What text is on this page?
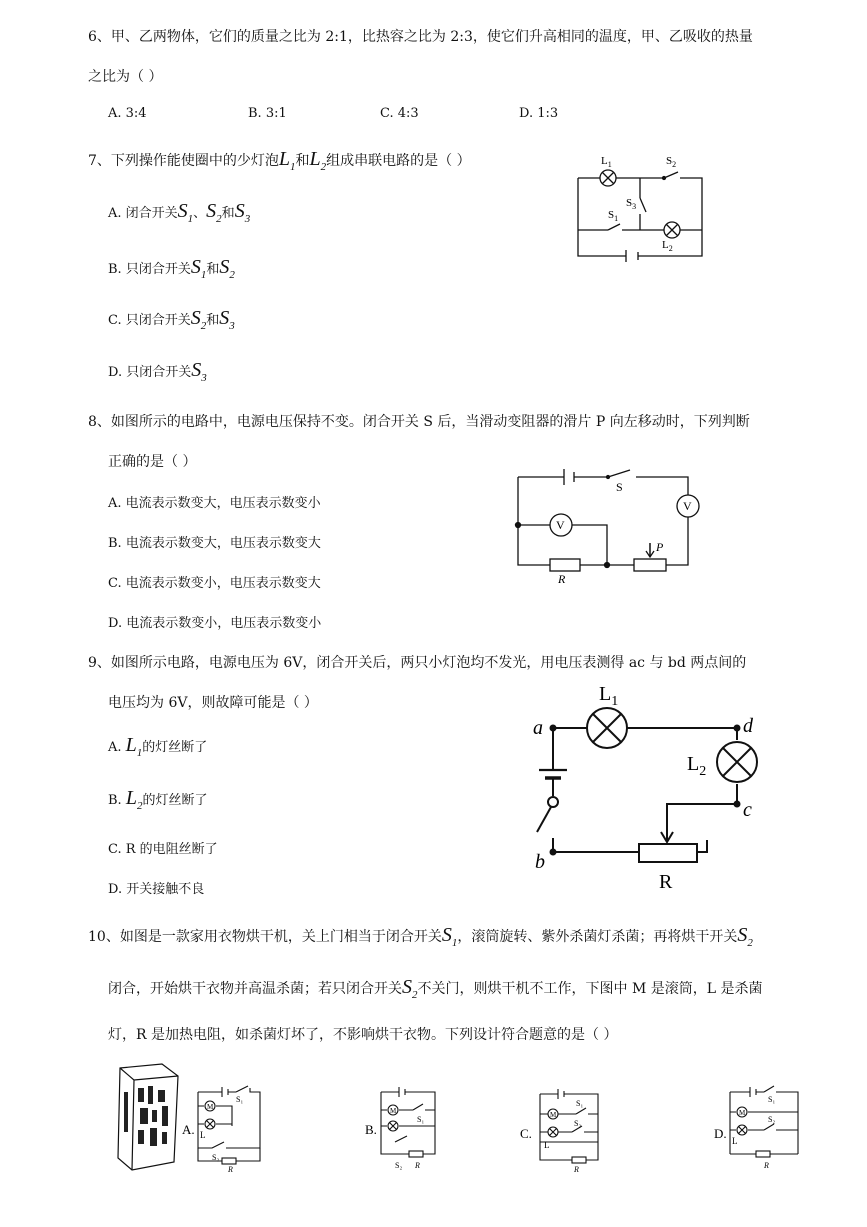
6、甲、乙两物体，它们的质量之比为 2:1，比热容之比为 2:3，使它们升高相同的温度，甲、乙吸收的热量
之比为（ ）
A. 3:4	B. 3:1	C. 4:3	D. 1:3
7、下列操作能使圈中的少灯泡$L_1$和$L_2$组成串联电路的是（ ）
A. 闭合开关$S_1$、$S_2$和$S_3$
B. 只闭合开关$S_1$和$S_2$
C. 只闭合开关$S_2$和$S_3$
D. 只闭合开关$S_3$
$L_1$	$S_2$
$S_3$
$S_1$
$L_2$
8、如图所示的电路中，电源电压保持不变。闭合开关 S 后，当滑动变阻器的滑片 P 向左移动时，下列判断
正确的是（ ）
A. 电流表示数变大，电压表示数变小
B. 电流表示数变大，电压表示数变大
C. 电流表示数变小，电压表示数变大
D. 电流表示数变小，电压表示数变小
S
V
V
P
R
9、如图所示电路，电源电压为 6V，闭合开关后，两只小灯泡均不发光，用电压表测得 ac 与 bd 两点间的
电压均为 6V，则故障可能是（ ）
A. $L_1$的灯丝断了
B. $L_2$的灯丝断了
C. R 的电阻丝断了
D. 开关接触不良
a
b
c
d
$L_1$
$L_2$
R
10、如图是一款家用衣物烘干机，关上门相当于闭合开关$S_1$，滚筒旋转、紫外杀菌灯杀菌；再将烘干开关$S_2$
闭合，开始烘干衣物并高温杀菌；若只闭合开关$S_2$不关门，则烘干机不工作，下图中 M 是滚筒，L 是杀菌
灯，R 是加热电阻，如杀菌灯坏了，不影响烘干衣物。下列设计符合题意的是（ ）
A.
M
L
S₁
S₂
R
B.
M
S₁
S₂ R
C.
M
L
S₁
S₂
R
D.
M
L
S₁
S₂
R
